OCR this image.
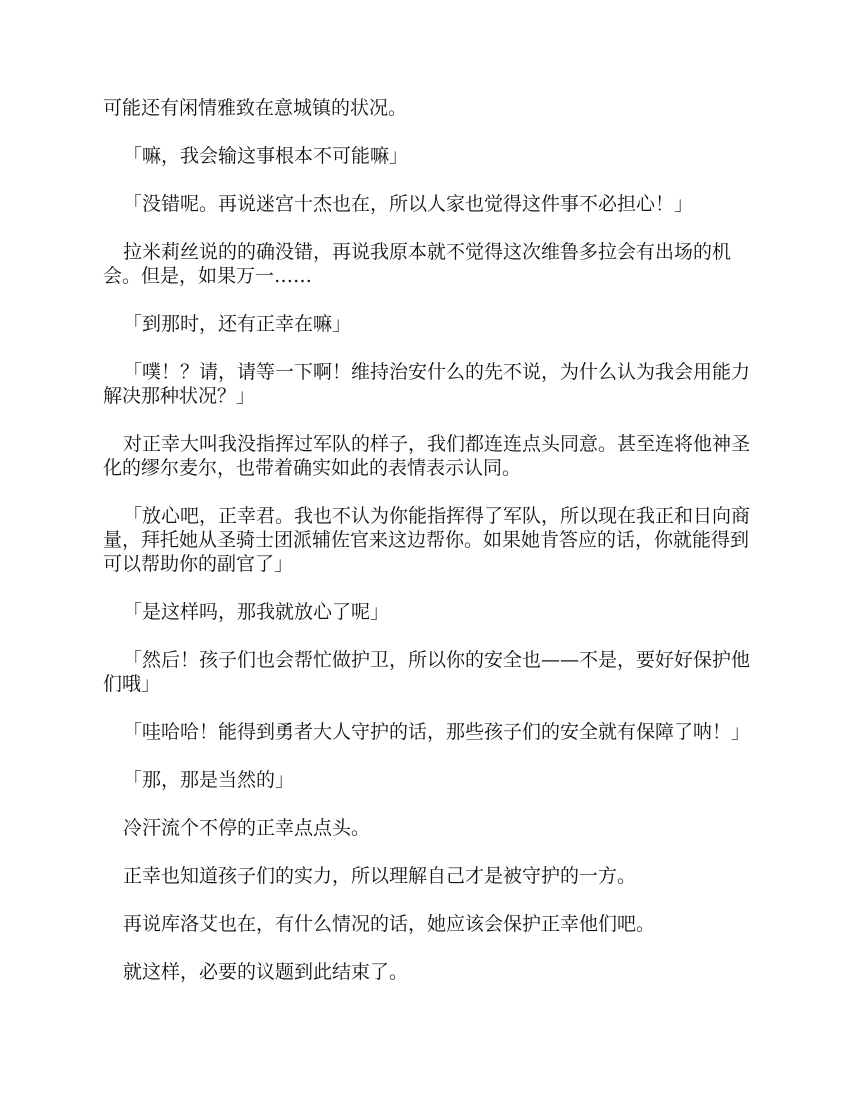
可能还有闲情雅致在意城镇的状况。

「嘛，我会输这事根本不可能嘛」

「没错呢。再说迷宫十杰也在，所以人家也觉得这件事不必担心！」

拉米莉丝说的的确没错，再说我原本就不觉得这次维鲁多拉会有出场的机会。但是，如果万一……

「到那时，还有正幸在嘛」

「噗！？请，请等一下啊！维持治安什么的先不说，为什么认为我会用能力解决那种状况？」

对正幸大叫我没指挥过军队的样子，我们都连连点头同意。甚至连将他神圣化的缪尔麦尔，也带着确实如此的表情表示认同。

「放心吧，正幸君。我也不认为你能指挥得了军队，所以现在我正和日向商量，拜托她从圣骑士团派辅佐官来这边帮你。如果她肯答应的话，你就能得到可以帮助你的副官了」

「是这样吗，那我就放心了呢」

「然后！孩子们也会帮忙做护卫，所以你的安全也——不是，要好好保护他们哦」

「哇哈哈！能得到勇者大人守护的话，那些孩子们的安全就有保障了呐！」

「那，那是当然的」

冷汗流个不停的正幸点点头。

正幸也知道孩子们的实力，所以理解自己才是被守护的一方。

再说库洛艾也在，有什么情况的话，她应该会保护正幸他们吧。

就这样，必要的议题到此结束了。
